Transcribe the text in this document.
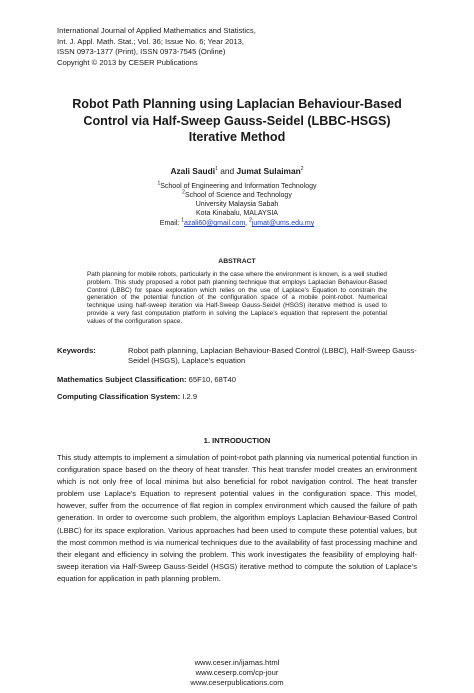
International Journal of Applied Mathematics and Statistics,
Int. J. Appl. Math. Stat.; Vol. 36; Issue No. 6; Year 2013,
ISSN 0973-1377 (Print), ISSN 0973-7545 (Online)
Copyright © 2013 by CESER Publications
Robot Path Planning using Laplacian Behaviour-Based
Control via Half-Sweep Gauss-Seidel (LBBC-HSGS)
Iterative Method
Azali Saudi$^1$ and Jumat Sulaiman$^2$
$^1$School of Engineering and Information Technology
$^2$School of Science and Technology
University Malaysia Sabah
Kota Kinabalu, MALAYSIA
Email: $^1$azali60@gmail.com, $^2$jumat@ums.edu.my
ABSTRACT
Path planning for mobile robots, particularly in the case where the environment is known, is a well studied problem. This study proposed a robot path planning technique that employs Laplacian Behaviour-Based Control (LBBC) for space exploration which relies on the use of Laplace’s Equation to constrain the generation of the potential function of the configuration space of a mobile point-robot. Numerical technique using half-sweep iteration via Half-Sweep Gauss-Seidel (HSGS) iterative method is used to provide a very fast computation platform in solving the Laplace’s equation that represent the potential values of the configuration space.
Keywords:	Robot path planning, Laplacian Behaviour-Based Control (LBBC), Half-Sweep Gauss-Seidel (HSGS), Laplace’s equation
Mathematics Subject Classification: 65F10, 68T40
Computing Classification System: I.2.9
1. INTRODUCTION
This study attempts to implement a simulation of point-robot path planning via numerical potential function in configuration space based on the theory of heat transfer. This heat transfer model creates an environment which is not only free of local minima but also beneficial for robot navigation control. The heat transfer problem use Laplace’s Equation to represent potential values in the configuration space. This model, however, suffer from the occurrence of flat region in complex environment which caused the failure of path generation. In order to overcome such problem, the algorithm employs Laplacian Behaviour-Based Control (LBBC) for its space exploration. Various approaches had been used to compute these potential values, but the most common method is via numerical techniques due to the availability of fast processing machine and their elegant and efficiency in solving the problem. This work investigates the feasibility of employing half-sweep iteration via Half-Sweep Gauss-Seidel (HSGS) iterative method to compute the solution of Laplace’s equation for application in path planning problem.
www.ceser.in/ijamas.html
www.ceserp.com/cp-jour
www.ceserpublications.com
